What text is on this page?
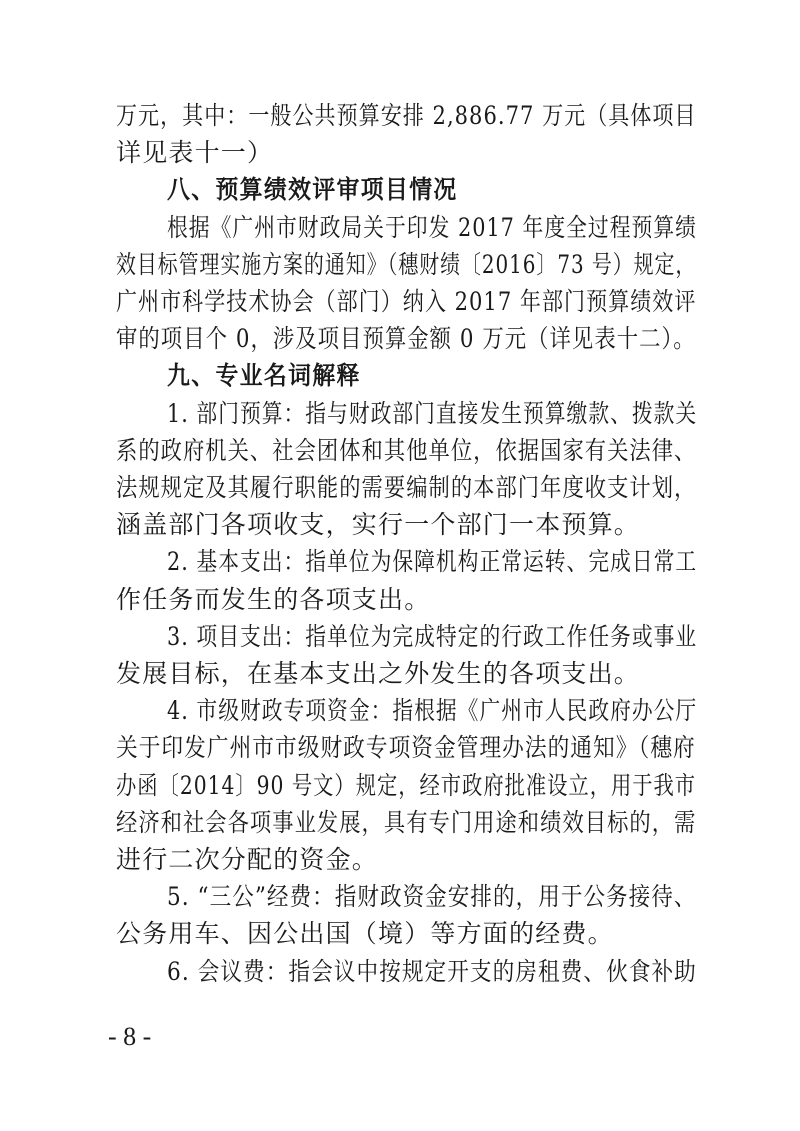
万元，其中：一般公共预算安排 2,886.77 万元（具体项目
详见表十一）
八、预算绩效评审项目情况
根据《广州市财政局关于印发 2017 年度全过程预算绩
效目标管理实施方案的通知》（穗财绩〔2016〕73 号）规定，
广州市科学技术协会（部门）纳入 2017 年部门预算绩效评
审的项目个 0，涉及项目预算金额 0 万元（详见表十二）。
九、专业名词解释
1. 部门预算：指与财政部门直接发生预算缴款、拨款关
系的政府机关、社会团体和其他单位，依据国家有关法律、
法规规定及其履行职能的需要编制的本部门年度收支计划，
涵盖部门各项收支，实行一个部门一本预算。
2. 基本支出：指单位为保障机构正常运转、完成日常工
作任务而发生的各项支出。
3. 项目支出：指单位为完成特定的行政工作任务或事业
发展目标，在基本支出之外发生的各项支出。
4. 市级财政专项资金：指根据《广州市人民政府办公厅
关于印发广州市市级财政专项资金管理办法的通知》（穗府
办函〔2014〕90 号文）规定，经市政府批准设立，用于我市
经济和社会各项事业发展，具有专门用途和绩效目标的，需
进行二次分配的资金。
5. “三公”经费：指财政资金安排的，用于公务接待、
公务用车、因公出国（境）等方面的经费。
6. 会议费：指会议中按规定开支的房租费、伙食补助
- 8 -
